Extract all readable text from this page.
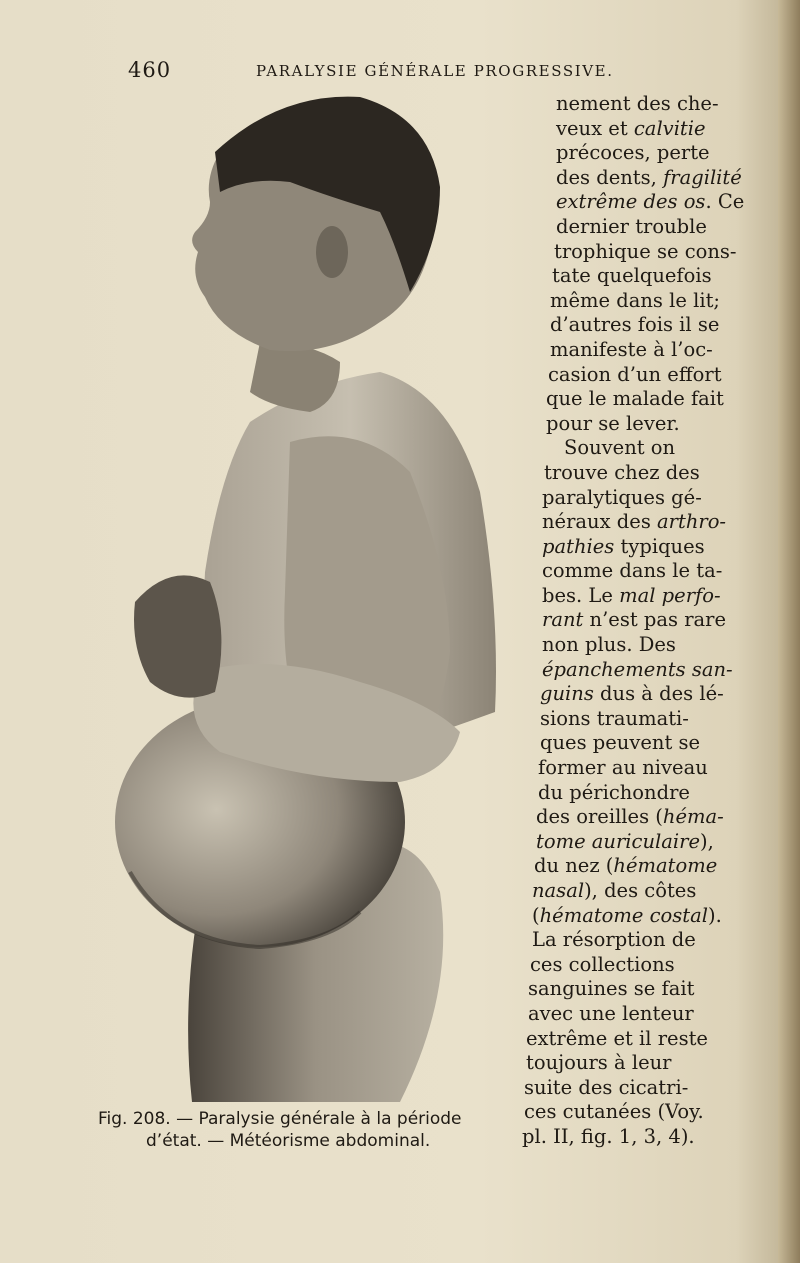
460	PARALYSIE GÉNÉRALE PROGRESSIVE.
Fig. 208. — Paralysie générale à la période
d’état. — Météorisme abdominal.
nement des che-
veux et calvitie
précoces, perte
des dents, fragilité
extrême des os. Ce
dernier trouble
trophique se cons-
tate quelquefois
même dans le lit;
d’autres fois il se
manifeste à l’oc-
casion d’un effort
que le malade fait
pour se lever.
Souvent on
trouve chez des
paralytiques gé-
néraux des arthro-
pathies typiques
comme dans le ta-
bes. Le mal perfo-
rant n’est pas rare
non plus. Des
épanchements san-
guins dus à des lé-
sions traumati-
ques peuvent se
former au niveau
du périchondre
des oreilles (héma-
tome auriculaire),
du nez (hématome
nasal), des côtes
(hématome costal).
La résorption de
ces collections
sanguines se fait
avec une lenteur
extrême et il reste
toujours à leur
suite des cicatri-
ces cutanées (Voy.
pl. II, fig. 1, 3, 4).
